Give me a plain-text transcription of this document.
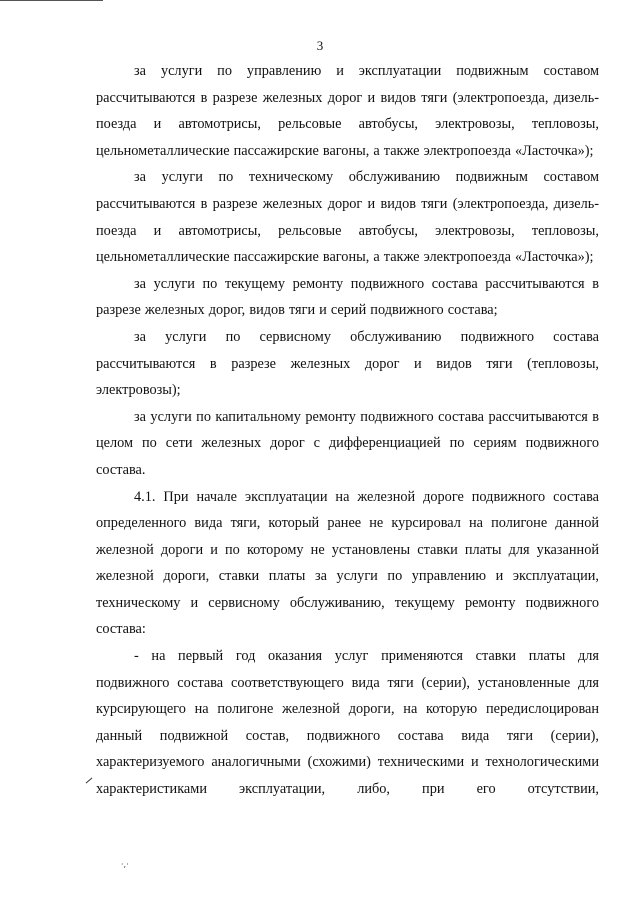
3

за услуги по управлению и эксплуатации подвижным составом рассчитываются в разрезе железных дорог и видов тяги (электропоезда, дизель-поезда и автомотрисы, рельсовые автобусы, электровозы, тепловозы, цельнометаллические пассажирские вагоны, а также электропоезда «Ласточка»);

за услуги по техническому обслуживанию подвижным составом рассчитываются в разрезе железных дорог и видов тяги (электропоезда, дизель-поезда и автомотрисы, рельсовые автобусы, электровозы, тепловозы, цельнометаллические пассажирские вагоны, а также электропоезда «Ласточка»);

за услуги по текущему ремонту подвижного состава рассчитываются в разрезе железных дорог, видов тяги и серий подвижного состава;

за услуги по сервисному обслуживанию подвижного состава рассчитываются в разрезе железных дорог и видов тяги (тепловозы, электровозы);

за услуги по капитальному ремонту подвижного состава рассчитываются в целом по сети железных дорог с дифференциацией по сериям подвижного состава.

4.1. При начале эксплуатации на железной дороге подвижного состава определенного вида тяги, который ранее не курсировал на полигоне данной железной дороги и по которому не установлены ставки платы для указанной железной дороги, ставки платы за услуги по управлению и эксплуатации, техническому и сервисному обслуживанию, текущему ремонту подвижного состава:

- на первый год оказания услуг применяются ставки платы для подвижного состава соответствующего вида тяги (серии), установленные для курсирующего на полигоне железной дороги, на которую передислоцирован данный подвижной состав, подвижного состава вида тяги (серии), характеризуемого аналогичными (схожими) техническими и технологическими характеристиками эксплуатации, либо, при его отсутствии,

·,·
